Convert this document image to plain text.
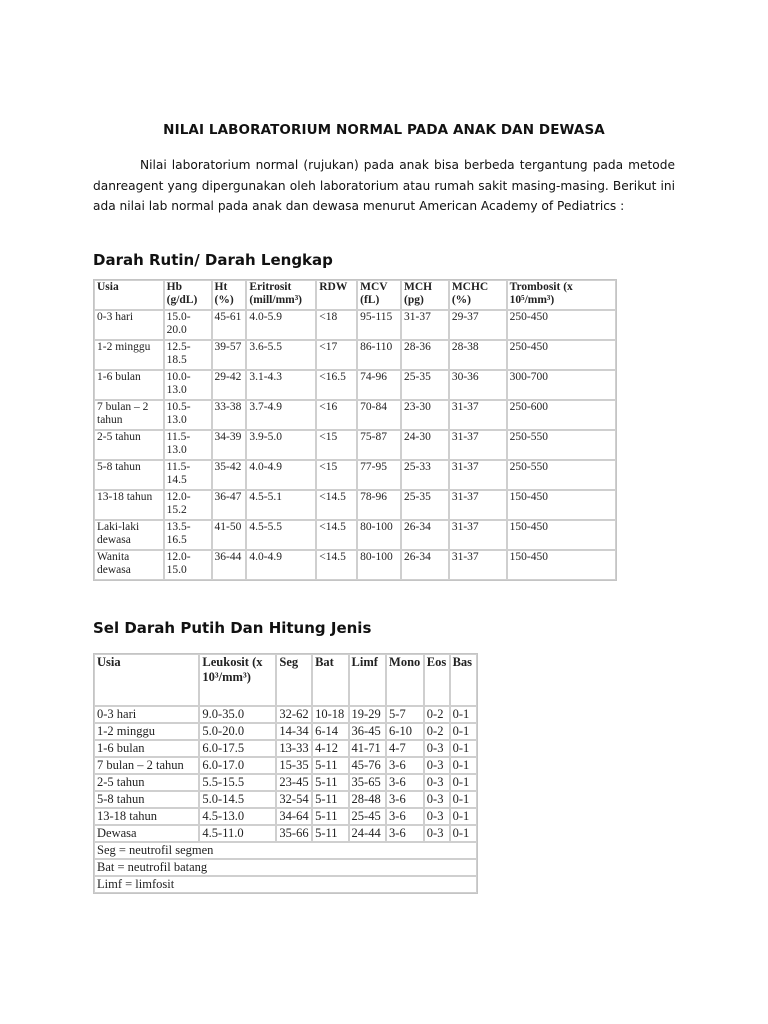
NILAI LABORATORIUM NORMAL PADA ANAK DAN DEWASA

Nilai laboratorium normal (rujukan) pada anak bisa berbeda tergantung pada metode danreagent yang dipergunakan oleh laboratorium atau rumah sakit masing-masing. Berikut ini ada nilai lab normal pada anak dan dewasa menurut American Academy of Pediatrics :

Darah Rutin/ Darah Lengkap
Usia	Hb (g/dL)	Ht (%)	Eritrosit (mill/mm³)	RDW	MCV (fL)	MCH (pg)	MCHC (%)	Trombosit (x 10⁵/mm³)
0-3 hari	15.0-20.0	45-61	4.0-5.9	<18	95-115	31-37	29-37	250-450
1-2 minggu	12.5-18.5	39-57	3.6-5.5	<17	86-110	28-36	28-38	250-450
1-6 bulan	10.0-13.0	29-42	3.1-4.3	<16.5	74-96	25-35	30-36	300-700
7 bulan – 2 tahun	10.5-13.0	33-38	3.7-4.9	<16	70-84	23-30	31-37	250-600
2-5 tahun	11.5-13.0	34-39	3.9-5.0	<15	75-87	24-30	31-37	250-550
5-8 tahun	11.5-14.5	35-42	4.0-4.9	<15	77-95	25-33	31-37	250-550
13-18 tahun	12.0-15.2	36-47	4.5-5.1	<14.5	78-96	25-35	31-37	150-450
Laki-laki dewasa	13.5-16.5	41-50	4.5-5.5	<14.5	80-100	26-34	31-37	150-450
Wanita dewasa	12.0-15.0	36-44	4.0-4.9	<14.5	80-100	26-34	31-37	150-450
Sel Darah Putih Dan Hitung Jenis
Usia	Leukosit (x 10³/mm³)	Seg	Bat	Limf	Mono	Eos	Bas
0-3 hari	9.0-35.0	32-62	10-18	19-29	5-7	0-2	0-1
1-2 minggu	5.0-20.0	14-34	6-14	36-45	6-10	0-2	0-1
1-6 bulan	6.0-17.5	13-33	4-12	41-71	4-7	0-3	0-1
7 bulan – 2 tahun	6.0-17.0	15-35	5-11	45-76	3-6	0-3	0-1
2-5 tahun	5.5-15.5	23-45	5-11	35-65	3-6	0-3	0-1
5-8 tahun	5.0-14.5	32-54	5-11	28-48	3-6	0-3	0-1
13-18 tahun	4.5-13.0	34-64	5-11	25-45	3-6	0-3	0-1
Dewasa	4.5-11.0	35-66	5-11	24-44	3-6	0-3	0-1
Seg = neutrofil segmen							
Bat = neutrofil batang							
Limf = limfosit							
